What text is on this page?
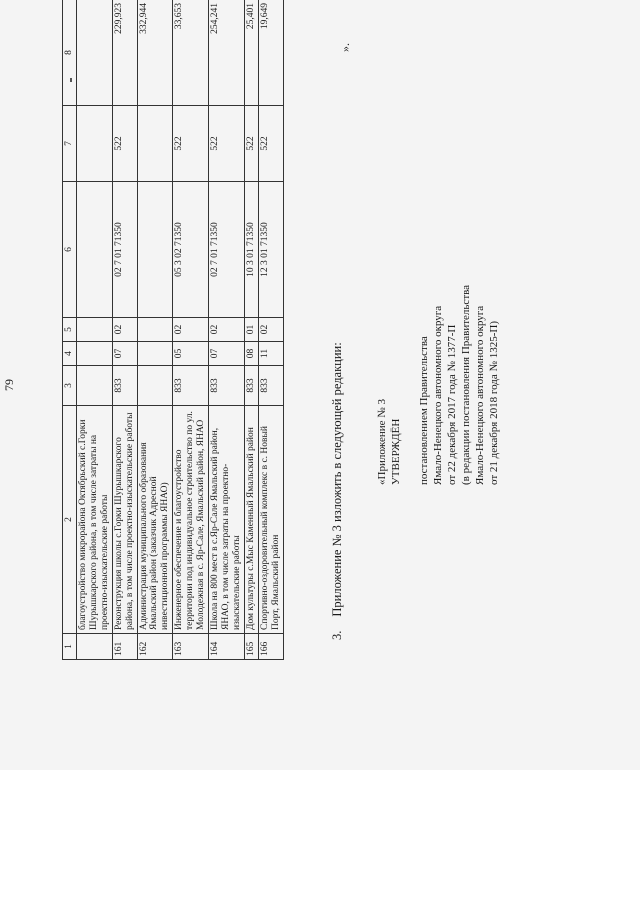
79
1	2	3	4	5	6	7	8
	благоустройство микрорайона Октябрьский с.Горки Шурышкарского района, в том числе затраты на проектно-изыскательские работы						
161	Реконструкция школы с.Горки Шурышкарского района, в том числе проектно-изыскательские работы	833	07	02	02 7 01 71350	522	229,923
162	Администрация муниципального образования Ямальский район (заказчик Адресной инвестиционной программы ЯНАО)						332,944
163	Инженерное обеспечение и благоустройство территории под индивидуальное строительство по ул. Молодежная в с. Яр-Сале, Ямальский район, ЯНАО	833	05	02	05 3 02 71350	522	33,653
164	Школа на 800 мест в с.Яр-Сале Ямальский район, ЯНАО, в том числе затраты на проектно-изыскательские работы	833	07	02	02 7 01 71350	522	254,241
165	Дом культуры с.Мыс Каменный Ямальский район	833	08	01	10 3 01 71350	522	25,401
166	Спортивно-оздоровительный комплекс в с. Новый Порт, Ямальский район	833	11	02	12 3 01 71350	522	19,649
».
3.Приложение № 3 изложить в следующей редакции:	«Приложение № 3 УТВЕРЖДЁН постановлением Правительства Ямало-Ненецкого автономного округа от 22 декабря 2017 года № 1377-П (в редакции постановления Правительства Ямало-Ненецкого автономного округа от 21 декабря 2018 года № 1325-П)
